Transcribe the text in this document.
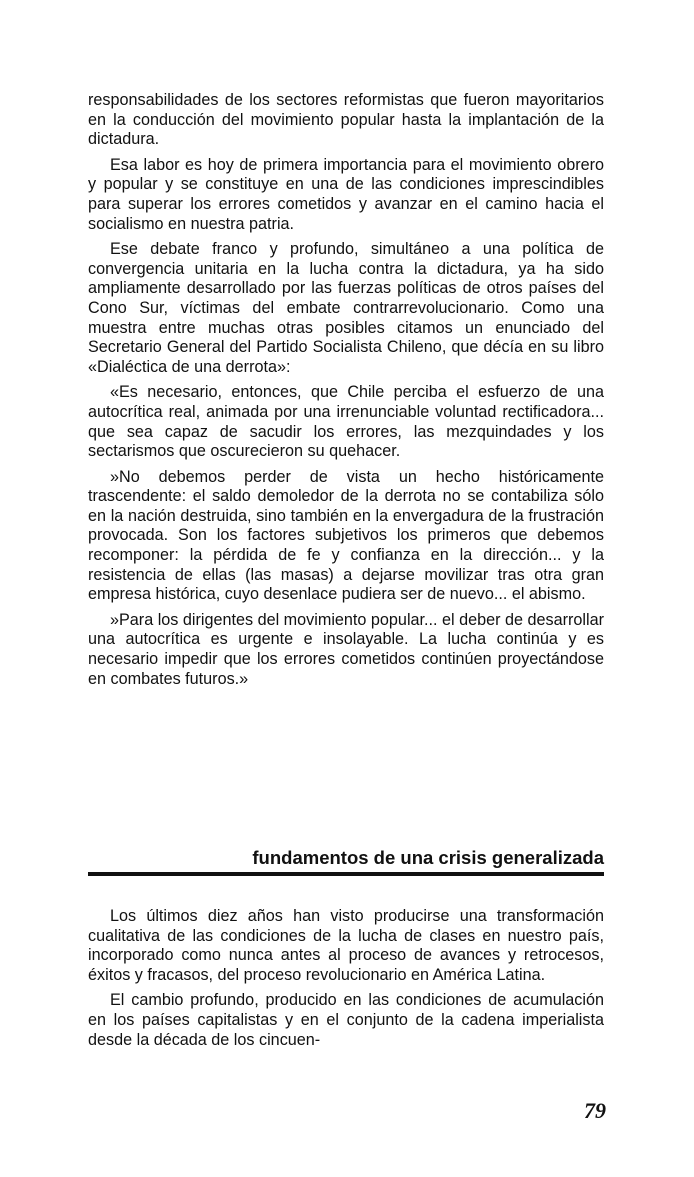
responsabilidades de los sectores reformistas que fueron mayoritarios en la conducción del movimiento popular hasta la implantación de la dictadura.

Esa labor es hoy de primera importancia para el movimiento obrero y popular y se constituye en una de las condiciones imprescindibles para superar los errores cometidos y avanzar en el camino hacia el socialismo en nuestra patria.

Ese debate franco y profundo, simultáneo a una política de convergencia unitaria en la lucha contra la dictadura, ya ha sido ampliamente desarrollado por las fuerzas políticas de otros países del Cono Sur, víctimas del embate contrarrevolucionario. Como una muestra entre muchas otras posibles citamos un enunciado del Secretario General del Partido Socialista Chileno, que décía en su libro «Dialéctica de una derrota»:

«Es necesario, entonces, que Chile perciba el esfuerzo de una autocrítica real, animada por una irrenunciable voluntad rectificadora... que sea capaz de sacudir los errores, las mezquindades y los sectarismos que oscurecieron su quehacer.

»No debemos perder de vista un hecho históricamente trascendente: el saldo demoledor de la derrota no se contabiliza sólo en la nación destruida, sino también en la envergadura de la frustración provocada. Son los factores subjetivos los primeros que debemos recomponer: la pérdida de fe y confianza en la dirección... y la resistencia de ellas (las masas) a dejarse movilizar tras otra gran empresa histórica, cuyo desenlace pudiera ser de nuevo... el abismo.

»Para los dirigentes del movimiento popular... el deber de desarrollar una autocrítica es urgente e insolayable. La lucha continúa y es necesario impedir que los errores cometidos continúen proyectándose en combates futuros.»

fundamentos de una crisis generalizada

Los últimos diez años han visto producirse una transformación cualitativa de las condiciones de la lucha de clases en nuestro país, incorporado como nunca antes al proceso de avances y retrocesos, éxitos y fracasos, del proceso revolucionario en América Latina.

El cambio profundo, producido en las condiciones de acumulación en los países capitalistas y en el conjunto de la cadena imperialista desde la década de los cincuen-

79
